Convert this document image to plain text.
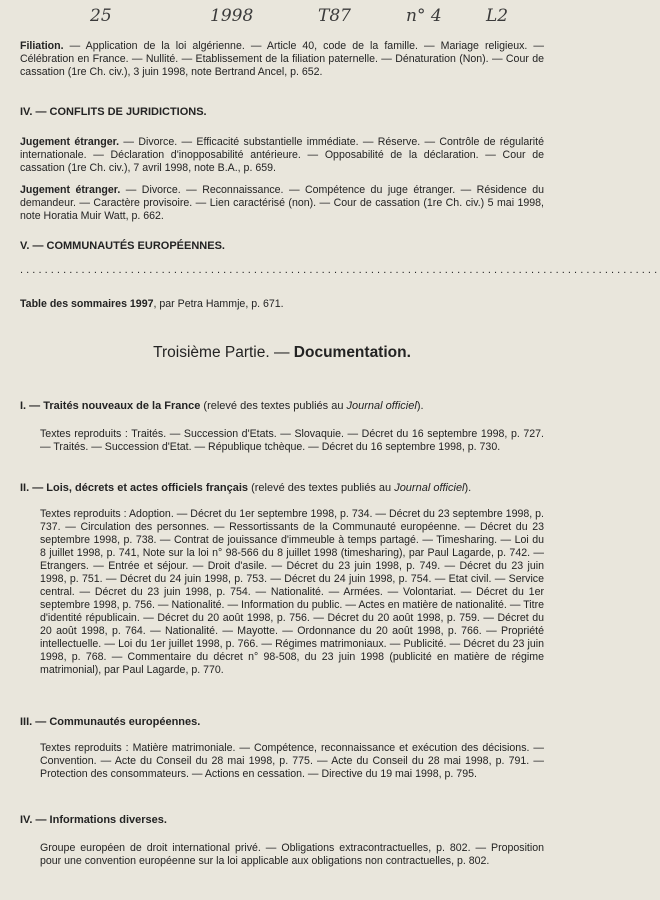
25	1998	T87	n° 4	L2

Filiation. — Application de la loi algérienne. — Article 40, code de la famille. — Mariage religieux. — Célébration en France. — Nullité. — Etablissement de la filiation paternelle. — Dénaturation (Non). — Cour de cassation (1re Ch. civ.), 3 juin 1998, note Bertrand Ancel, p. 652.

IV. — CONFLITS DE JURIDICTIONS.

Jugement étranger. — Divorce. — Efficacité substantielle immédiate. — Réserve. — Contrôle de régularité internationale. — Déclaration d'inopposabilité antérieure. — Opposabilité de la déclaration. — Cour de cassation (1re Ch. civ.), 7 avril 1998, note B.A., p. 659.

Jugement étranger. — Divorce. — Reconnaissance. — Compétence du juge étranger. — Résidence du demandeur. — Caractère provisoire. — Lien caractérisé (non). — Cour de cassation (1re Ch. civ.) 5 mai 1998, note Horatia Muir Watt, p. 662.

V. — COMMUNAUTÉS EUROPÉENNES.

........................................................................................................

Table des sommaires 1997, par Petra Hammje, p. 671.

Troisième Partie. — Documentation.

I. — Traités nouveaux de la France (relevé des textes publiés au Journal officiel).

Textes reproduits : Traités. — Succession d'Etats. — Slovaquie. — Décret du 16 septembre 1998, p. 727. — Traités. — Succession d'Etat. — République tchèque. — Décret du 16 septembre 1998, p. 730.

II. — Lois, décrets et actes officiels français (relevé des textes publiés au Journal officiel).

Textes reproduits : Adoption. — Décret du 1er septembre 1998, p. 734. — Décret du 23 septembre 1998, p. 737. — Circulation des personnes. — Ressortissants de la Communauté européenne. — Décret du 23 septembre 1998, p. 738. — Contrat de jouissance d'immeuble à temps partagé. — Timesharing. — Loi du 8 juillet 1998, p. 741, Note sur la loi n° 98-566 du 8 juillet 1998 (timesharing), par Paul Lagarde, p. 742. — Etrangers. — Entrée et séjour. — Droit d'asile. — Décret du 23 juin 1998, p. 749. — Décret du 23 juin 1998, p. 751. — Décret du 24 juin 1998, p. 753. — Décret du 24 juin 1998, p. 754. — Etat civil. — Service central. — Décret du 23 juin 1998, p. 754. — Nationalité. — Armées. — Volontariat. — Décret du 1er septembre 1998, p. 756. — Nationalité. — Information du public. — Actes en matière de nationalité. — Titre d'identité républicain. — Décret du 20 août 1998, p. 756. — Décret du 20 août 1998, p. 759. — Décret du 20 août 1998, p. 764. — Nationalité. — Mayotte. — Ordonnance du 20 août 1998, p. 766. — Propriété intellectuelle. — Loi du 1er juillet 1998, p. 766. — Régimes matrimoniaux. — Publicité. — Décret du 23 juin 1998, p. 768. — Commentaire du décret n° 98-508, du 23 juin 1998 (publicité en matière de régime matrimonial), par Paul Lagarde, p. 770.

III. — Communautés européennes.

Textes reproduits : Matière matrimoniale. — Compétence, reconnaissance et exécution des décisions. — Convention. — Acte du Conseil du 28 mai 1998, p. 775. — Acte du Conseil du 28 mai 1998, p. 791. — Protection des consommateurs. — Actions en cessation. — Directive du 19 mai 1998, p. 795.

IV. — Informations diverses.

Groupe européen de droit international privé. — Obligations extracontractuelles, p. 802. — Proposition pour une convention européenne sur la loi applicable aux obligations non contractuelles, p. 802.
